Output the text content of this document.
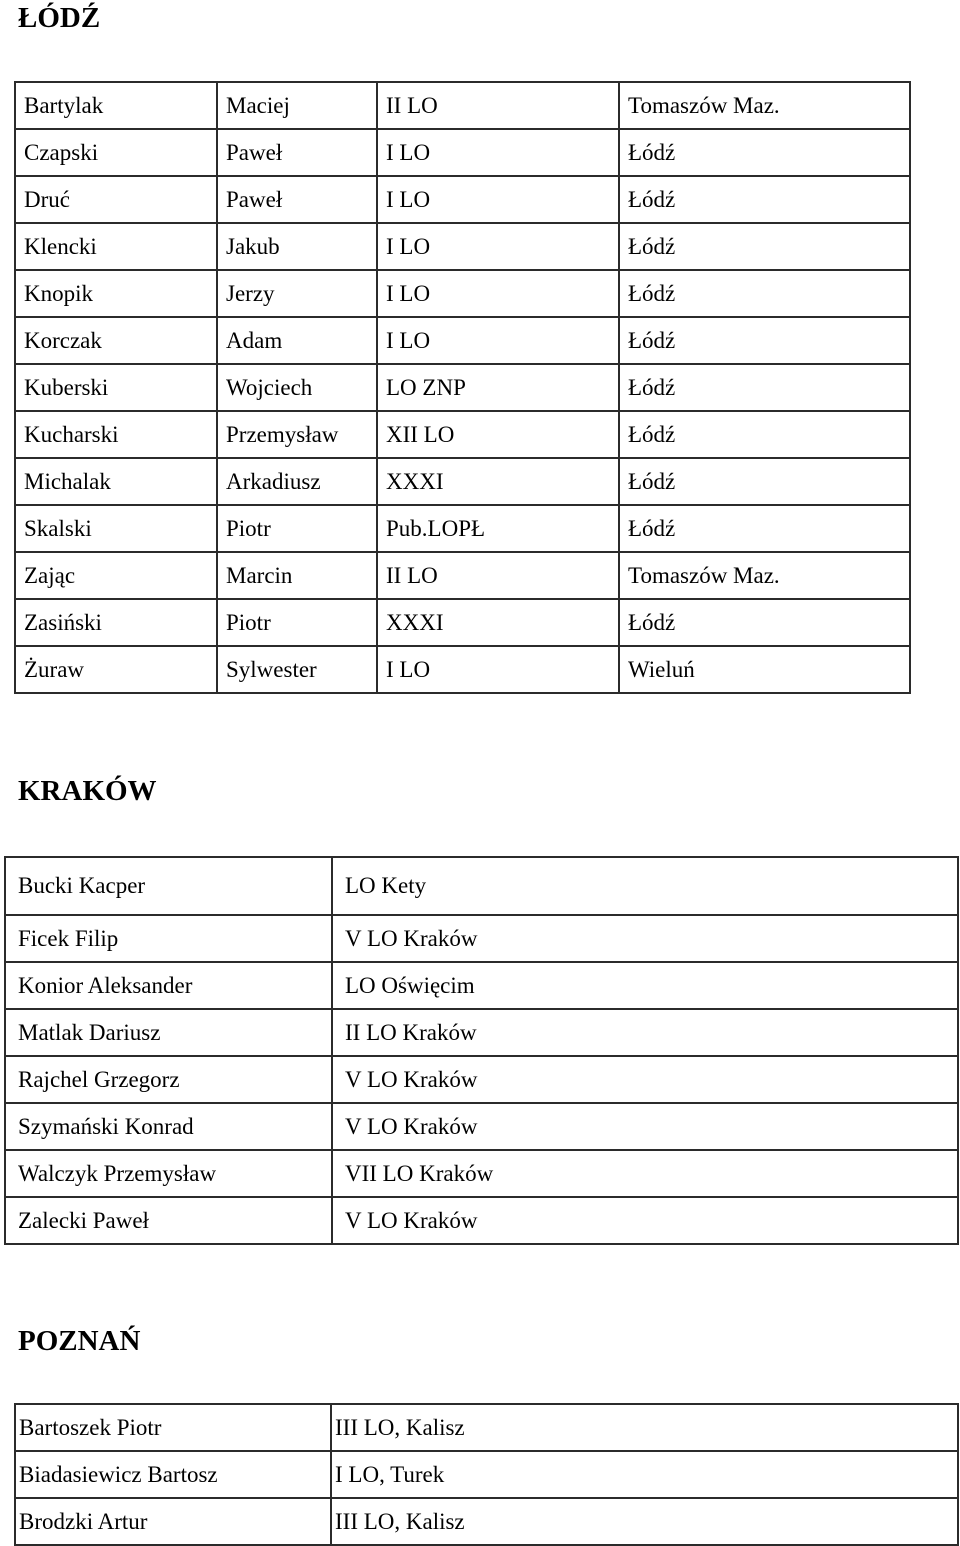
ŁÓDŹ
Bartylak	Maciej	II LO	Tomaszów Maz.
Czapski	Paweł	I LO	Łódź
Druć	Paweł	I LO	Łódź
Klencki	Jakub	I LO	Łódź
Knopik	Jerzy	I LO	Łódź
Korczak	Adam	I LO	Łódź
Kuberski	Wojciech	LO ZNP	Łódź
Kucharski	Przemysław	XII LO	Łódź
Michalak	Arkadiusz	XXXI	Łódź
Skalski	Piotr	Pub.LOPŁ	Łódź
Zając	Marcin	II LO	Tomaszów Maz.
Zasiński	Piotr	XXXI	Łódź
Żuraw	Sylwester	I LO	Wieluń
KRAKÓW
Bucki Kacper	LO Kety
Ficek Filip	V LO Kraków
Konior Aleksander	LO Oświęcim
Matlak Dariusz	II LO Kraków
Rajchel Grzegorz	V LO Kraków
Szymański Konrad	V LO Kraków
Walczyk Przemysław	VII LO Kraków
Zalecki Paweł	V LO Kraków
POZNAŃ
Bartoszek Piotr	III LO, Kalisz
Biadasiewicz Bartosz	I LO, Turek
Brodzki Artur	III LO, Kalisz
